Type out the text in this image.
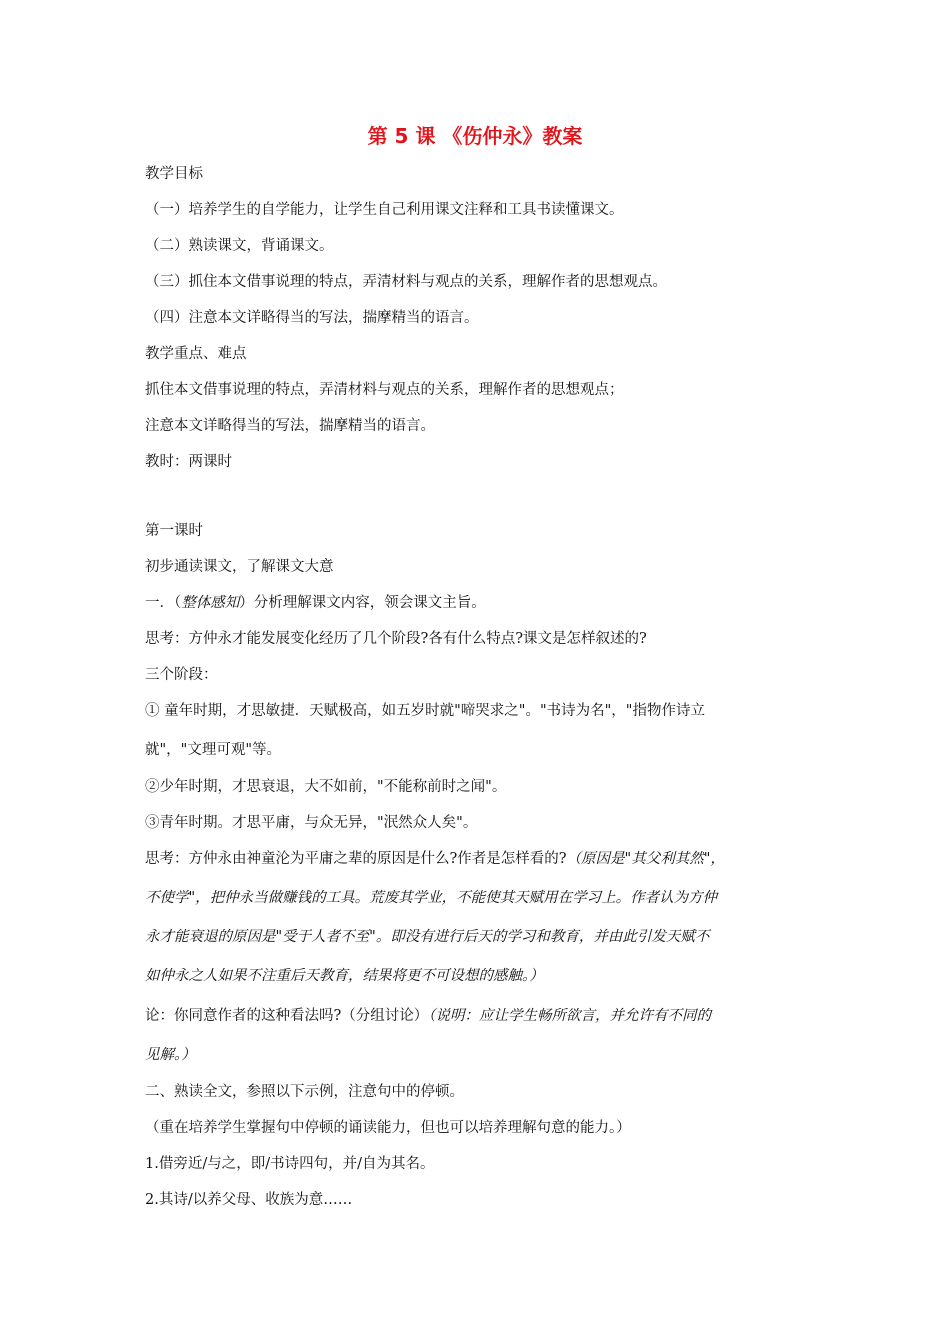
第 5 课 《伤仲永》教案
教学目标
（一）培养学生的自学能力，让学生自己利用课文注释和工具书读懂课文。
（二）熟读课文，背诵课文。
（三）抓住本文借事说理的特点，弄清材料与观点的关系，理解作者的思想观点。
（四）注意本文详略得当的写法，揣摩精当的语言。
教学重点、难点
抓住本文借事说理的特点，弄清材料与观点的关系，理解作者的思想观点；
注意本文详略得当的写法，揣摩精当的语言。
教时：两课时
第一课时
初步通读课文，了解课文大意
一．（整体感知）分析理解课文内容，领会课文主旨。
思考：方仲永才能发展变化经历了几个阶段?各有什么特点?课文是怎样叙述的?
三个阶段：
① 童年时期，才思敏捷．天赋极高，如五岁时就"啼哭求之"。"书诗为名"，"指物作诗立
就"，"文理可观"等。
②少年时期，才思衰退，大不如前，"不能称前时之闻"。
③青年时期。才思平庸，与众无异，"泯然众人矣"。
思考：方仲永由神童沦为平庸之辈的原因是什么?作者是怎样看的?（原因是"其父利其然"，
不使学"，把仲永当做赚钱的工具。荒废其学业，不能使其天赋用在学习上。作者认为方仲
永才能衰退的原因是"受于人者不至"。即没有进行后天的学习和教育，并由此引发天赋不
如仲永之人如果不注重后天教育，结果将更不可设想的感触。）
论：你同意作者的这种看法吗?（分组讨论）（说明：应让学生畅所欲言，并允许有不同的
见解。）
二、熟读全文，参照以下示例，注意句中的停顿。
（重在培养学生掌握句中停顿的诵读能力，但也可以培养理解句意的能力。）
1.借旁近/与之，即/书诗四句，并/自为其名。
2.其诗/以养父母、收族为意……
